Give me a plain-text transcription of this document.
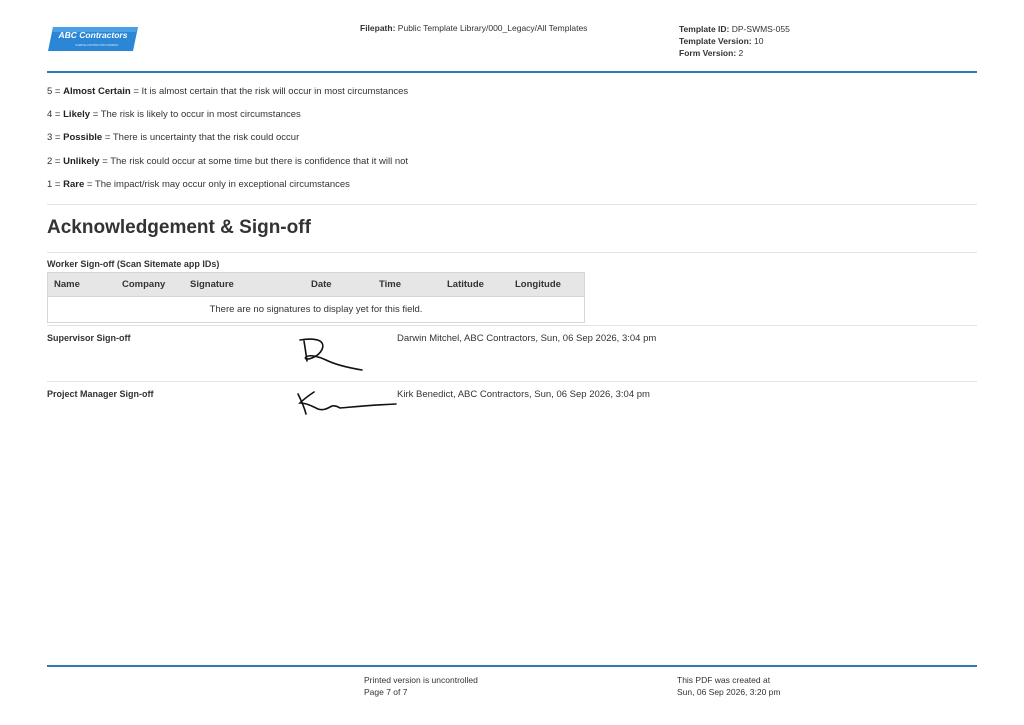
ABC Contractors
SAMPLE CONTRACTOR COMPANY
Filepath: Public Template Library/000_Legacy/All Templates	Template ID: DP-SWMS-055
Template Version: 10
Form Version: 2
5 = Almost Certain = It is almost certain that the risk will occur in most circumstances
4 = Likely = The risk is likely to occur in most circumstances
3 = Possible = There is uncertainty that the risk could occur
2 = Unlikely = The risk could occur at some time but there is confidence that it will not
1 = Rare = The impact/risk may occur only in exceptional circumstances
Acknowledgement & Sign-off
Worker Sign-off (Scan Sitemate app IDs)
Name	Company	Signature	Date	Time	Latitude	Longitude
There are no signatures to display yet for this field.
Supervisor Sign-off	Darwin Mitchel, ABC Contractors, Sun, 06 Sep 2026, 3:04 pm
Project Manager Sign-off	Kirk Benedict, ABC Contractors, Sun, 06 Sep 2026, 3:04 pm
Printed version is uncontrolled
Page 7 of 7
This PDF was created at
Sun, 06 Sep 2026, 3:20 pm
